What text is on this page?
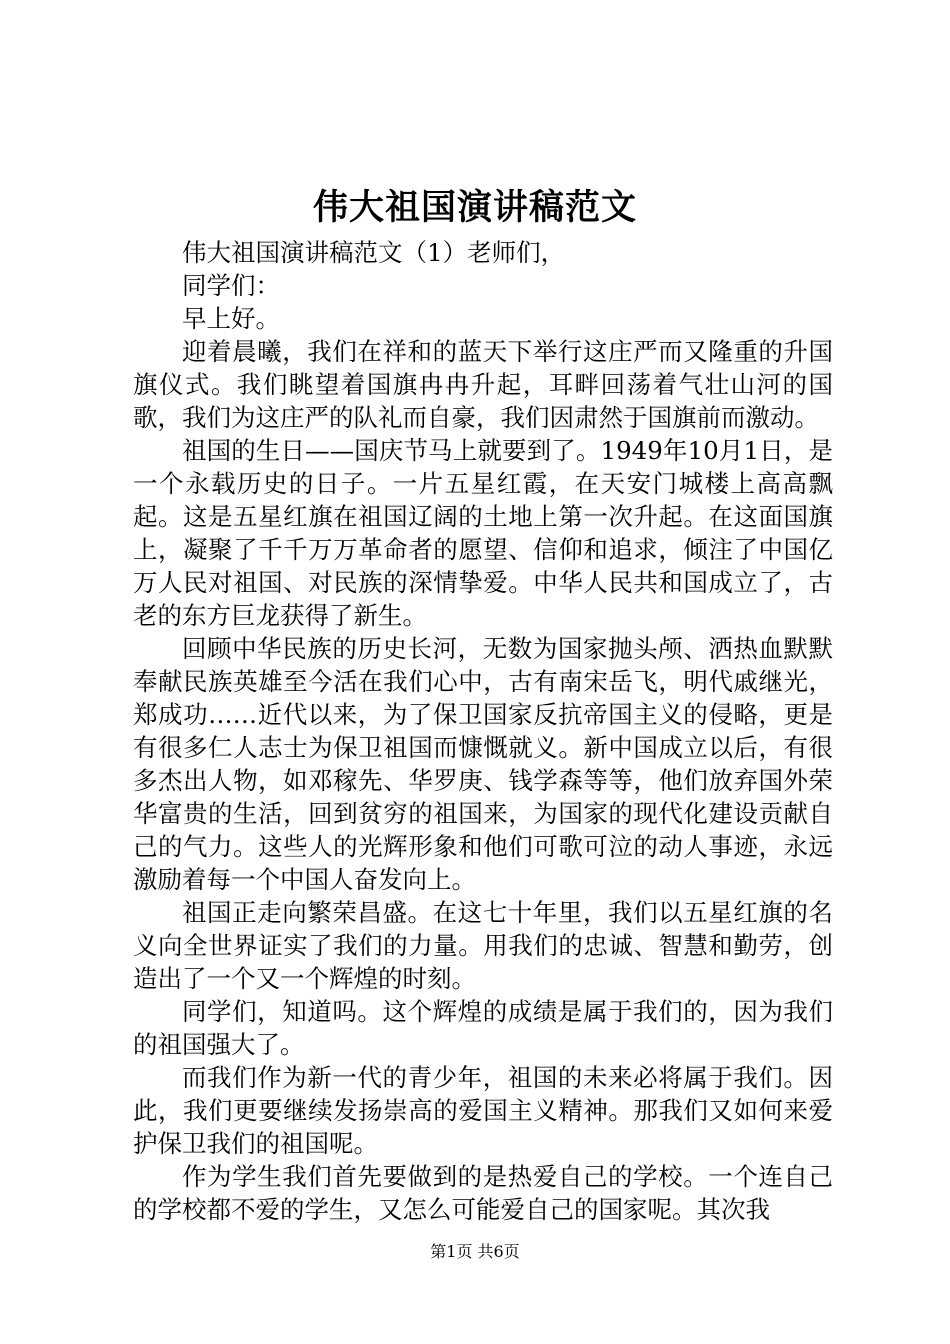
伟大祖国演讲稿范文

伟大祖国演讲稿范文（1）老师们，

同学们：

早上好。

迎着晨曦，我们在祥和的蓝天下举行这庄严而又隆重的升国旗仪式。我们眺望着国旗冉冉升起，耳畔回荡着气壮山河的国歌，我们为这庄严的队礼而自豪，我们因肃然于国旗前而激动。

祖国的生日——国庆节马上就要到了。1949年10月1日，是一个永载历史的日子。一片五星红霞，在天安门城楼上高高飘起。这是五星红旗在祖国辽阔的土地上第一次升起。在这面国旗上，凝聚了千千万万革命者的愿望、信仰和追求，倾注了中国亿万人民对祖国、对民族的深情挚爱。中华人民共和国成立了，古老的东方巨龙获得了新生。

回顾中华民族的历史长河，无数为国家抛头颅、洒热血默默奉献民族英雄至今活在我们心中，古有南宋岳飞，明代戚继光，郑成功……近代以来，为了保卫国家反抗帝国主义的侵略，更是有很多仁人志士为保卫祖国而慷慨就义。新中国成立以后，有很多杰出人物，如邓稼先、华罗庚、钱学森等等，他们放弃国外荣华富贵的生活，回到贫穷的祖国来，为国家的现代化建设贡献自己的气力。这些人的光辉形象和他们可歌可泣的动人事迹，永远激励着每一个中国人奋发向上。

祖国正走向繁荣昌盛。在这七十年里，我们以五星红旗的名义向全世界证实了我们的力量。用我们的忠诚、智慧和勤劳，创造出了一个又一个辉煌的时刻。

同学们，知道吗。这个辉煌的成绩是属于我们的，因为我们的祖国强大了。

而我们作为新一代的青少年，祖国的未来必将属于我们。因此，我们更要继续发扬崇高的爱国主义精神。那我们又如何来爱护保卫我们的祖国呢。

作为学生我们首先要做到的是热爱自己的学校。一个连自己的学校都不爱的学生，又怎么可能爱自己的国家呢。其次我

第1页 共6页
